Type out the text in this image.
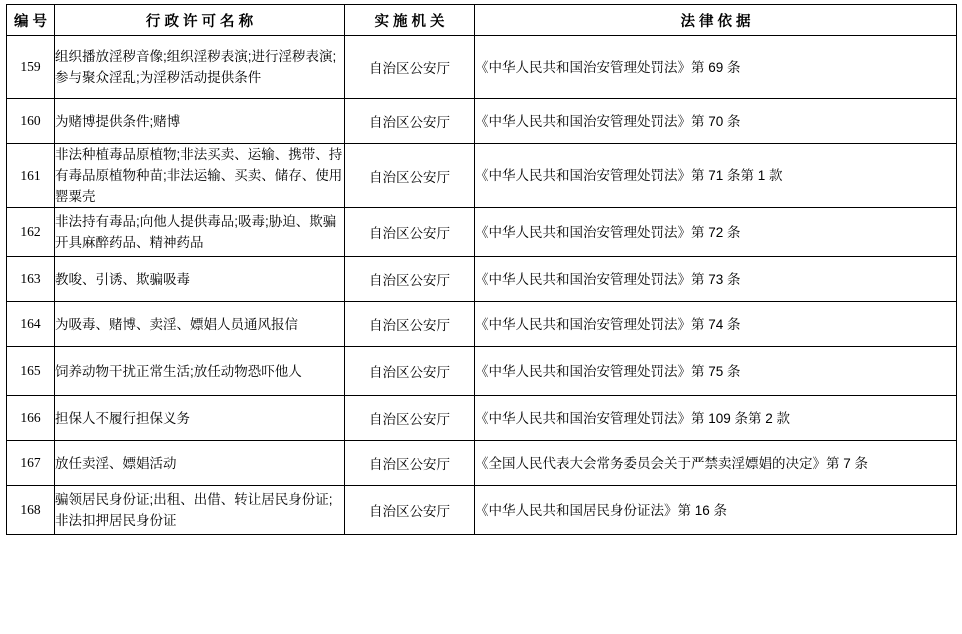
编 号	行 政 许 可 名 称	实 施 机 关	法 律 依 据
159	组织播放淫秽音像;组织淫秽表演;进行淫秽表演;参与聚众淫乱;为淫秽活动提供条件	自治区公安厅	《中华人民共和国治安管理处罚法》第 69 条
160	为赌博提供条件;赌博	自治区公安厅	《中华人民共和国治安管理处罚法》第 70 条
161	非法种植毒品原植物;非法买卖、运输、携带、持有毒品原植物种苗;非法运输、买卖、储存、使用罂粟壳	自治区公安厅	《中华人民共和国治安管理处罚法》第 71 条第 1 款
162	非法持有毒品;向他人提供毒品;吸毒;胁迫、欺骗开具麻醉药品、精神药品	自治区公安厅	《中华人民共和国治安管理处罚法》第 72 条
163	教唆、引诱、欺骗吸毒	自治区公安厅	《中华人民共和国治安管理处罚法》第 73 条
164	为吸毒、赌博、卖淫、嫖娼人员通风报信	自治区公安厅	《中华人民共和国治安管理处罚法》第 74 条
165	饲养动物干扰正常生活;放任动物恐吓他人	自治区公安厅	《中华人民共和国治安管理处罚法》第 75 条
166	担保人不履行担保义务	自治区公安厅	《中华人民共和国治安管理处罚法》第 109 条第 2 款
167	放任卖淫、嫖娼活动	自治区公安厅	《全国人民代表大会常务委员会关于严禁卖淫嫖娼的决定》第 7 条
168	骗领居民身份证;出租、出借、转让居民身份证;非法扣押居民身份证	自治区公安厅	《中华人民共和国居民身份证法》第 16 条
